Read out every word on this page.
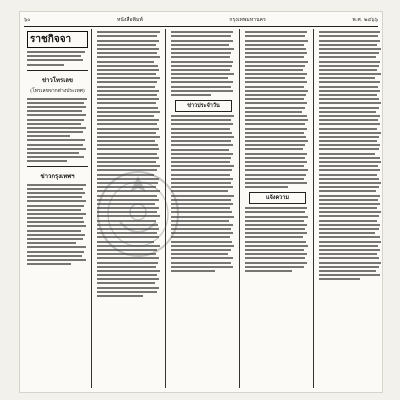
๖๐	หนังสือพิมพ์	กรุงเทพมหานคร	พ.ศ. ๒๔๖๖
ราชกิจจา
ข่าวโทรเลข
(โทรเลขจากต่างประเทศ)
ข่าวกรุงเทพฯ
ข่าวประจำวัน
แจ้งความ
